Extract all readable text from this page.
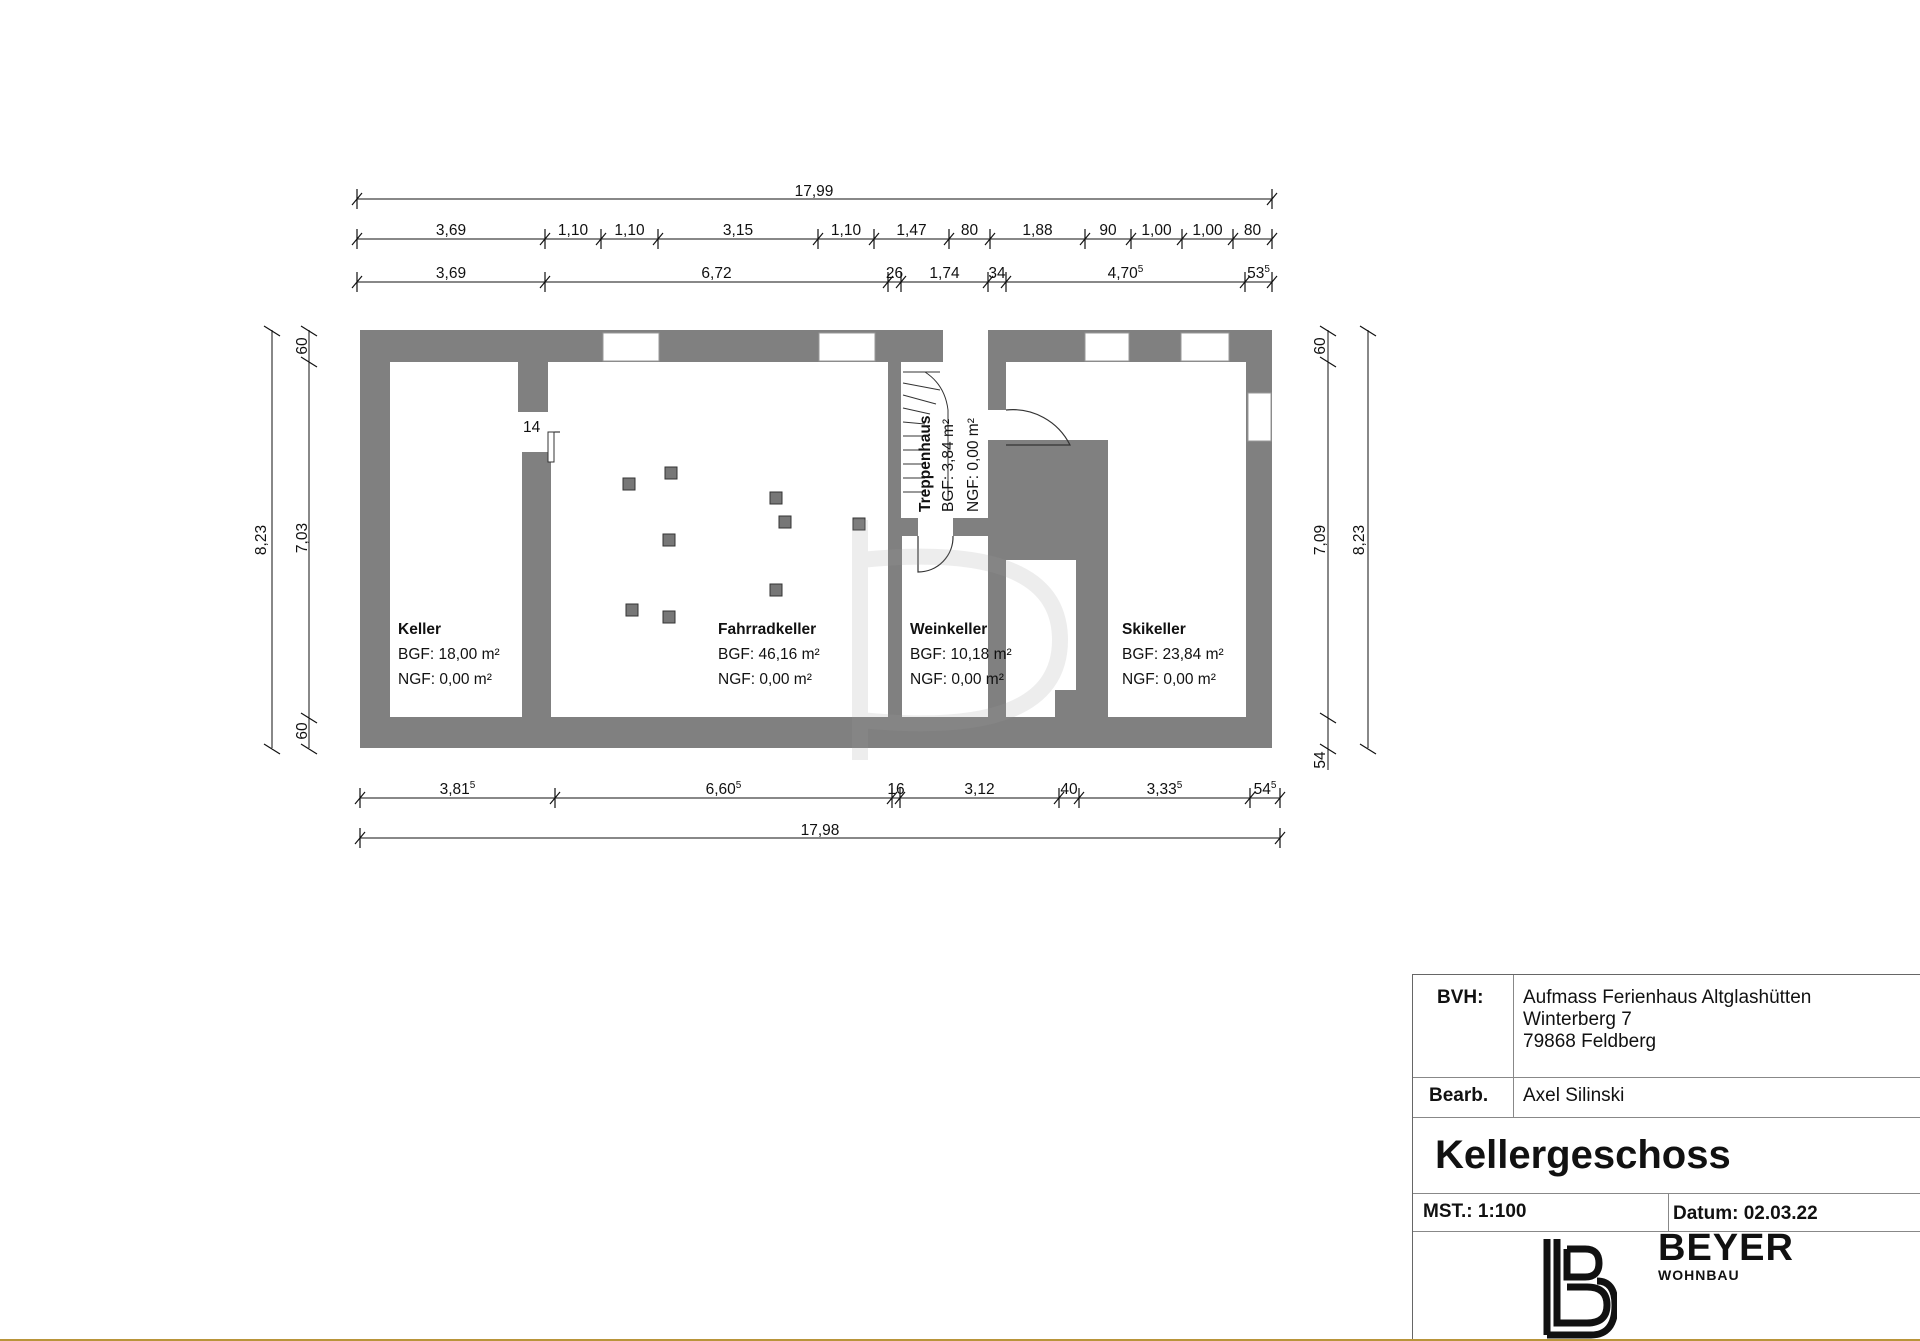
17,99
3,69	1,10 1,10	3,15	1,10 1,47 80	1,88	90 1,00 1,00 80
3,69	6,72	26 1,74 34	4,70$^5$	$53^5$
8,23 7,03
60
60
60
7,09
54
8,23
14
Keller
BGF: 18,00 m²
NGF: 0,00 m²
Fahrradkeller
BGF: 46,16 m²
NGF: 0,00 m²
Weinkeller
BGF: 10,18 m²
NGF: 0,00 m²
Skikeller
BGF: 23,84 m²
NGF: 0,00 m²
Treppenhaus BGF: 3,84 m² NGF: 0,00 m²
3,81$^5$	6,60$^5$	16	3,12	40	3,33$^5$	$54^5$
17,98
BVH: Aufmass Ferienhaus Altglashütten
Winterberg 7
79868 Feldberg
Bearb. Axel Silinski
Kellergeschoss
MST.: 1:100	Datum: 02.03.22
BEYER
WOHNBAU
